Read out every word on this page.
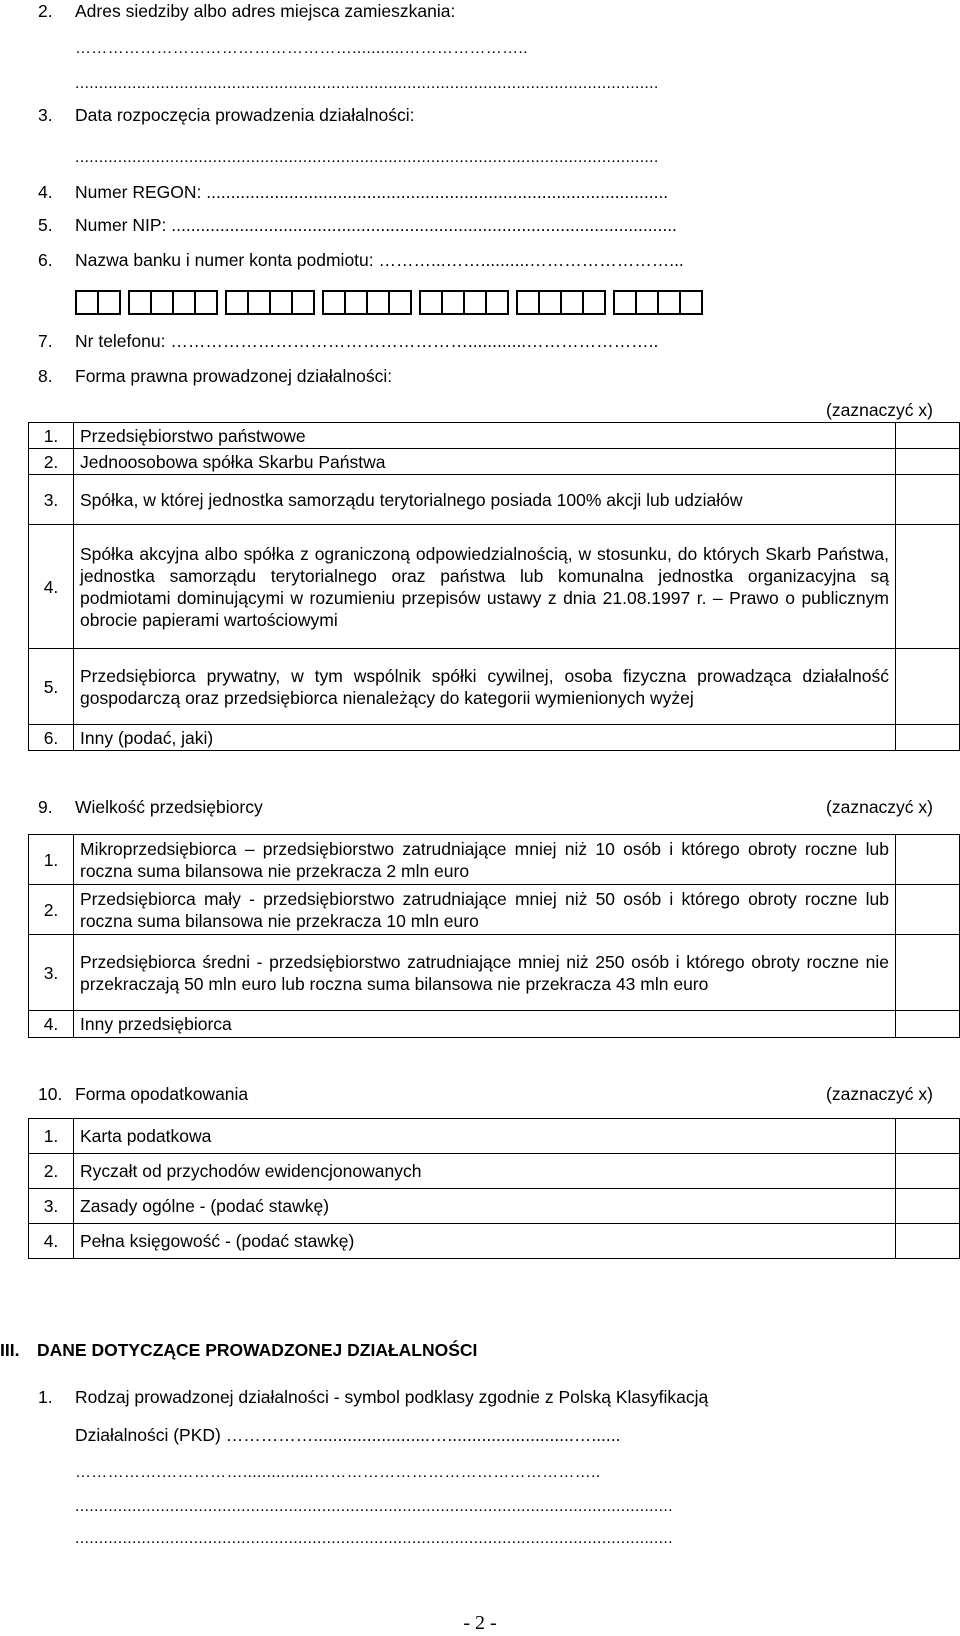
2. Adres siedziby albo adres miejsca zamieszkania:
……………………………………………...........…………………..
...........................................................................................................................
3. Data rozpoczęcia prowadzenia działalności:
...........................................................................................................................
4. Numer REGON: ...............................................................................................
5. Numer NIP: ........................................................................................................
6. Nazwa banku i numer konta podmiotu: ………...……..........……………………...
7. Nr telefonu: ……………………………………………............…………………..
8. Forma prawna prowadzonej działalności:
(zaznaczyć x)
1.	Przedsiębiorstwo państwowe	
2.	Jednoosobowa spółka Skarbu Państwa	
3.	Spółka, w której jednostka samorządu terytorialnego posiada 100% akcji lub udziałów	
4.	Spółka akcyjna albo spółka z ograniczoną odpowiedzialnością, w stosunku, do których Skarb Państwa, jednostka samorządu terytorialnego oraz państwa lub komunalna jednostka organizacyjna są podmiotami dominującymi w rozumieniu przepisów ustawy z dnia 21.08.1997 r. – Prawo o publicznym obrocie papierami wartościowymi	
5.	Przedsiębiorca prywatny, w tym wspólnik spółki cywilnej, osoba fizyczna prowadząca działalność gospodarczą oraz przedsiębiorca nienależący do kategorii wymienionych wyżej	
6.	Inny (podać, jaki)	
9. Wielkość przedsiębiorcy	(zaznaczyć x)
1.	Mikroprzedsiębiorca – przedsiębiorstwo zatrudniające mniej niż 10 osób i którego obroty roczne lub roczna suma bilansowa nie przekracza 2 mln euro	
2.	Przedsiębiorca mały - przedsiębiorstwo zatrudniające mniej niż 50 osób i którego obroty roczne lub roczna suma bilansowa nie przekracza 10 mln euro	
3.	Przedsiębiorca średni - przedsiębiorstwo zatrudniające mniej niż 250 osób i którego obroty roczne nie przekraczają 50 mln euro lub roczna suma bilansowa nie przekracza 43 mln euro	
4.	Inny przedsiębiorca	
10. Forma opodatkowania	(zaznaczyć x)
1.	Karta podatkowa	
2.	Ryczałt od przychodów ewidencjonowanych	
3.	Zasady ogólne - (podać stawkę)	
4.	Pełna księgowość - (podać stawkę)	
III. DANE DOTYCZĄCE PROWADZONEJ DZIAŁALNOŚCI
1. Rodzaj prowadzonej działalności - symbol podklasy zgodnie z Polską Klasyfikacją
Działalności (PKD) ……………........................…..........................…......
…………….……………...............……………………………………………..
..............................................................................................................................
..............................................................................................................................
- 2 -
